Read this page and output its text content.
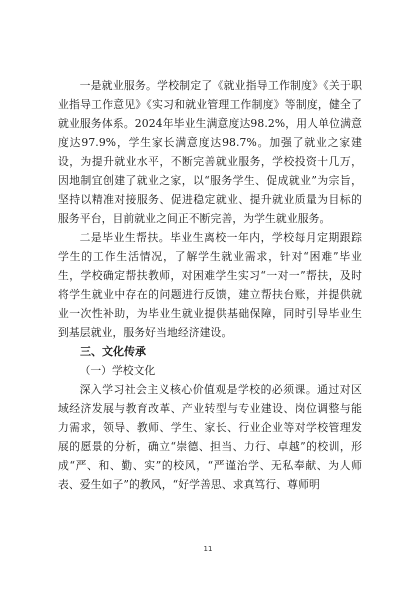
一是就业服务。学校制定了《就业指导工作制度》《关于职业指导工作意见》《实习和就业管理工作制度》等制度，健全了就业服务体系。2024年毕业生满意度达98.2%，用人单位满意度达97.9%，学生家长满意度达98.7%。加强了就业之家建设，为提升就业水平，不断完善就业服务，学校投资十几万，因地制宜创建了就业之家，以“服务学生、促成就业”为宗旨，坚持以精准对接服务、促进稳定就业、提升就业质量为目标的服务平台，目前就业之间正不断完善，为学生就业服务。

二是毕业生帮扶。毕业生离校一年内，学校每月定期跟踪学生的工作生活情况，了解学生就业需求，针对“困难”毕业生，学校确定帮扶教师，对困难学生实习“一对一”帮扶，及时将学生就业中存在的问题进行反馈，建立帮扶台账，并提供就业一次性补助，为毕业生就业提供基础保障，同时引导毕业生到基层就业，服务好当地经济建设。

三、文化传承

（一）学校文化

深入学习社会主义核心价值观是学校的必须课。通过对区域经济发展与教育改革、产业转型与专业建设、岗位调整与能力需求，领导、教师、学生、家长、行业企业等对学校管理发展的愿景的分析，确立“崇德、担当、力行、卓越”的校训，形成“严、和、勤、实”的校风，“严谨治学、无私奉献、为人师表、爱生如子”的教风，“好学善思、求真笃行、尊师明

11
